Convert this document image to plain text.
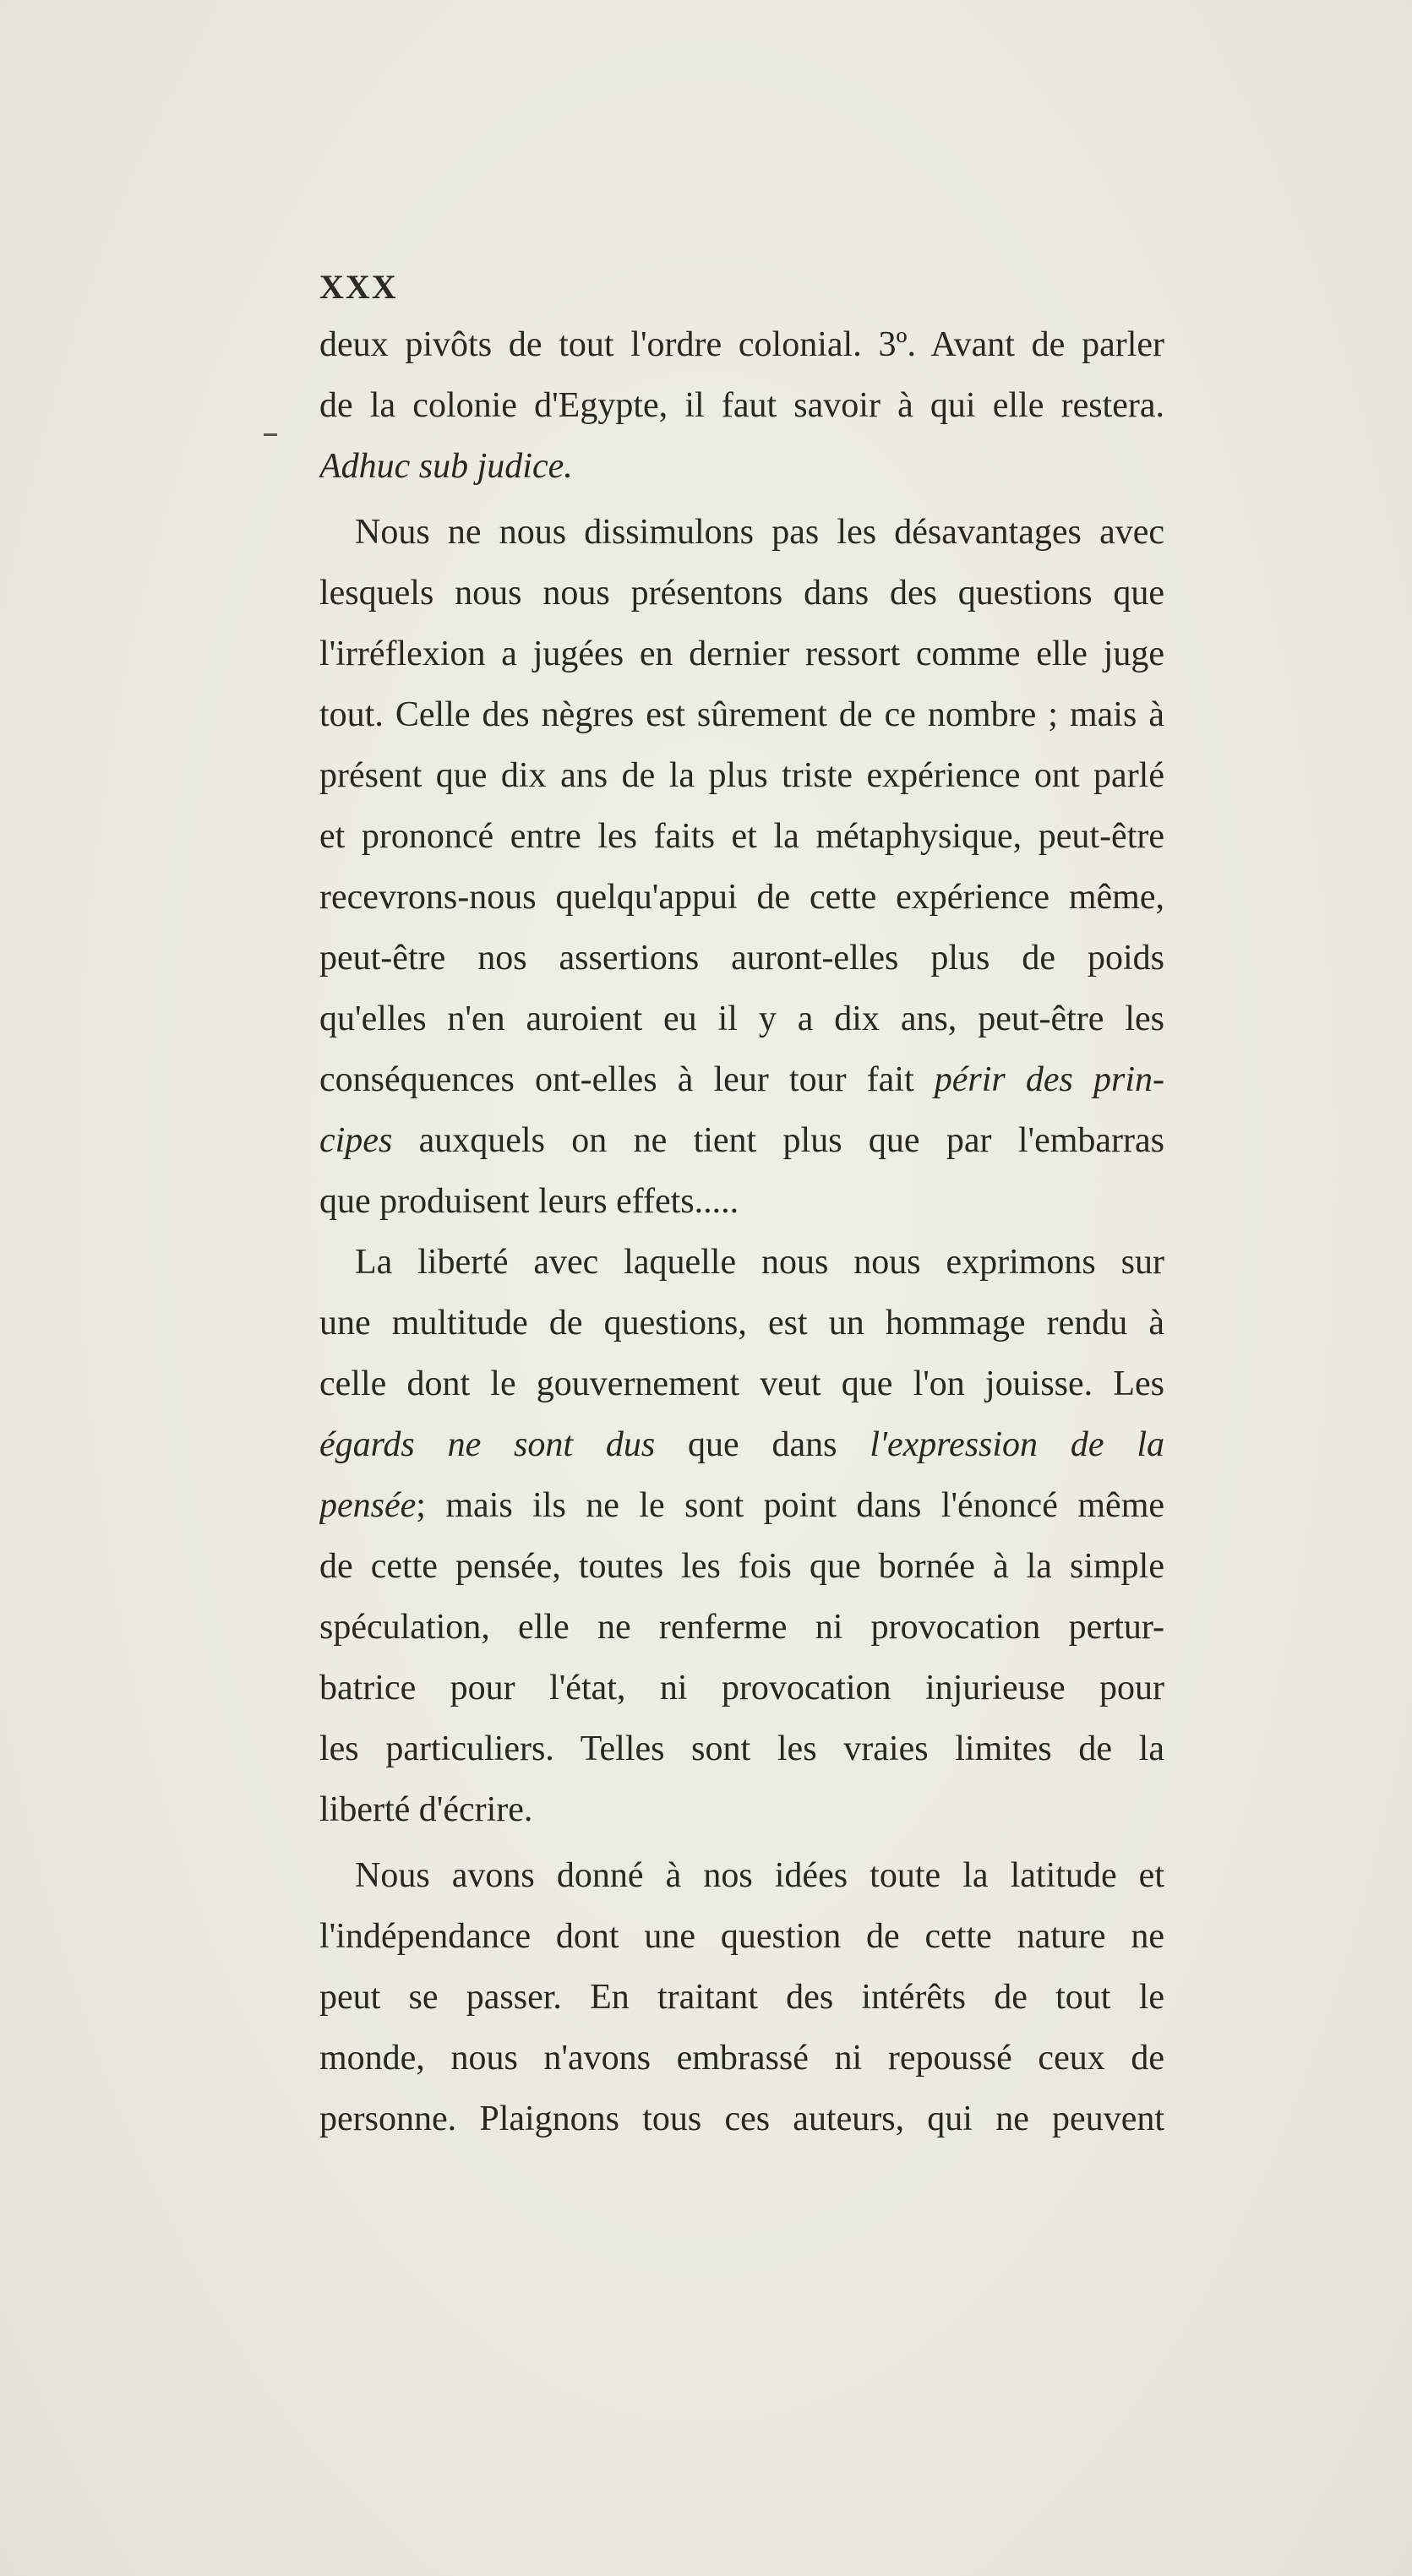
XXX
deux pivôts de tout l'ordre colonial. 3º. Avant de parler
de la colonie d'Egypte, il faut savoir à qui elle restera.
Adhuc sub judice.
Nous ne nous dissimulons pas les désavantages avec
lesquels nous nous présentons dans des questions que
l'irréflexion a jugées en dernier ressort comme elle juge
tout. Celle des nègres est sûrement de ce nombre ; mais à
présent que dix ans de la plus triste expérience ont parlé
et prononcé entre les faits et la métaphysique, peut-être
recevrons-nous quelqu'appui de cette expérience même,
peut-être nos assertions auront-elles plus de poids
qu'elles n'en auroient eu il y a dix ans, peut-être les
conséquences ont-elles à leur tour fait périr des prin-
cipes auxquels on ne tient plus que par l'embarras
que produisent leurs effets.....
La liberté avec laquelle nous nous exprimons sur
une multitude de questions, est un hommage rendu à
celle dont le gouvernement veut que l'on jouisse. Les
égards ne sont dus que dans l'expression de la
pensée; mais ils ne le sont point dans l'énoncé même
de cette pensée, toutes les fois que bornée à la simple
spéculation, elle ne renferme ni provocation pertur-
batrice pour l'état, ni provocation injurieuse pour
les particuliers. Telles sont les vraies limites de la
liberté d'écrire.
Nous avons donné à nos idées toute la latitude et
l'indépendance dont une question de cette nature ne
peut se passer. En traitant des intérêts de tout le
monde, nous n'avons embrassé ni repoussé ceux de
personne. Plaignons tous ces auteurs, qui ne peuvent
